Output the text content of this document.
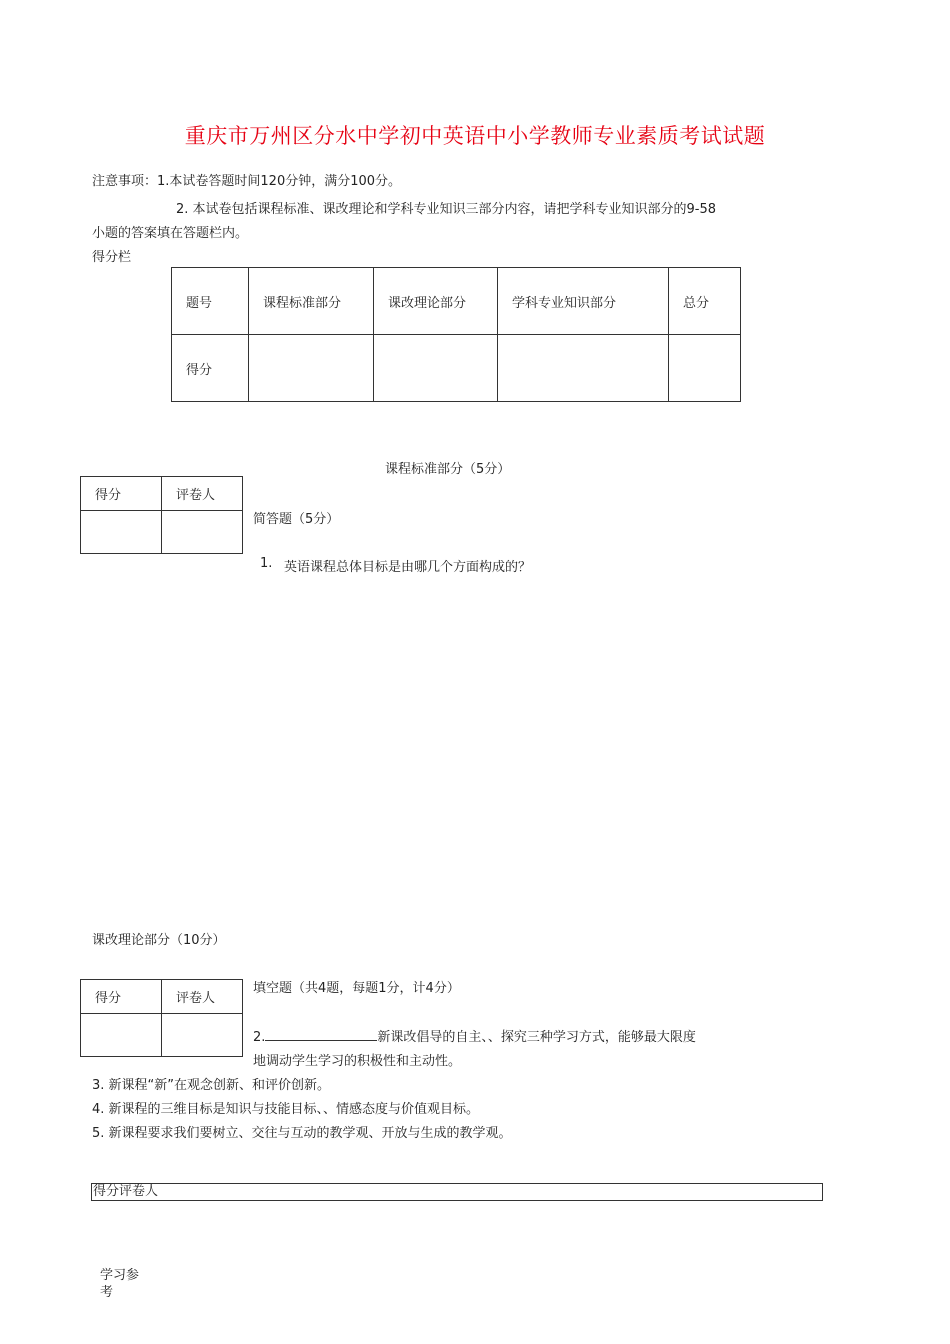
重庆市万州区分水中学初中英语中小学教师专业素质考试试题
注意事项：1.本试卷答题时间120分钟，满分100分。
2. 本试卷包括课程标准、课改理论和学科专业知识三部分内容，请把学科专业知识部分的9-58
小题的答案填在答题栏内。
得分栏
题号	课程标准部分	课改理论部分	学科专业知识部分	总分
得分				
课程标准部分（5分）
得分	评卷人

简答题（5分）
1. 英语课程总体目标是由哪几个方面构成的？
课改理论部分（10分）
得分	评卷人

填空题（共4题，每题1分，计4分）
2.	新课改倡导的自主、、探究三种学习方式，能够最大限度
地调动学生学习的积极性和主动性。
3. 新课程“新”在观念创新、和评价创新。
4. 新课程的三维目标是知识与技能目标、、情感态度与价值观目标。
5. 新课程要求我们要树立、交往与互动的教学观、开放与生成的教学观。
得分评卷人
学习参
考
